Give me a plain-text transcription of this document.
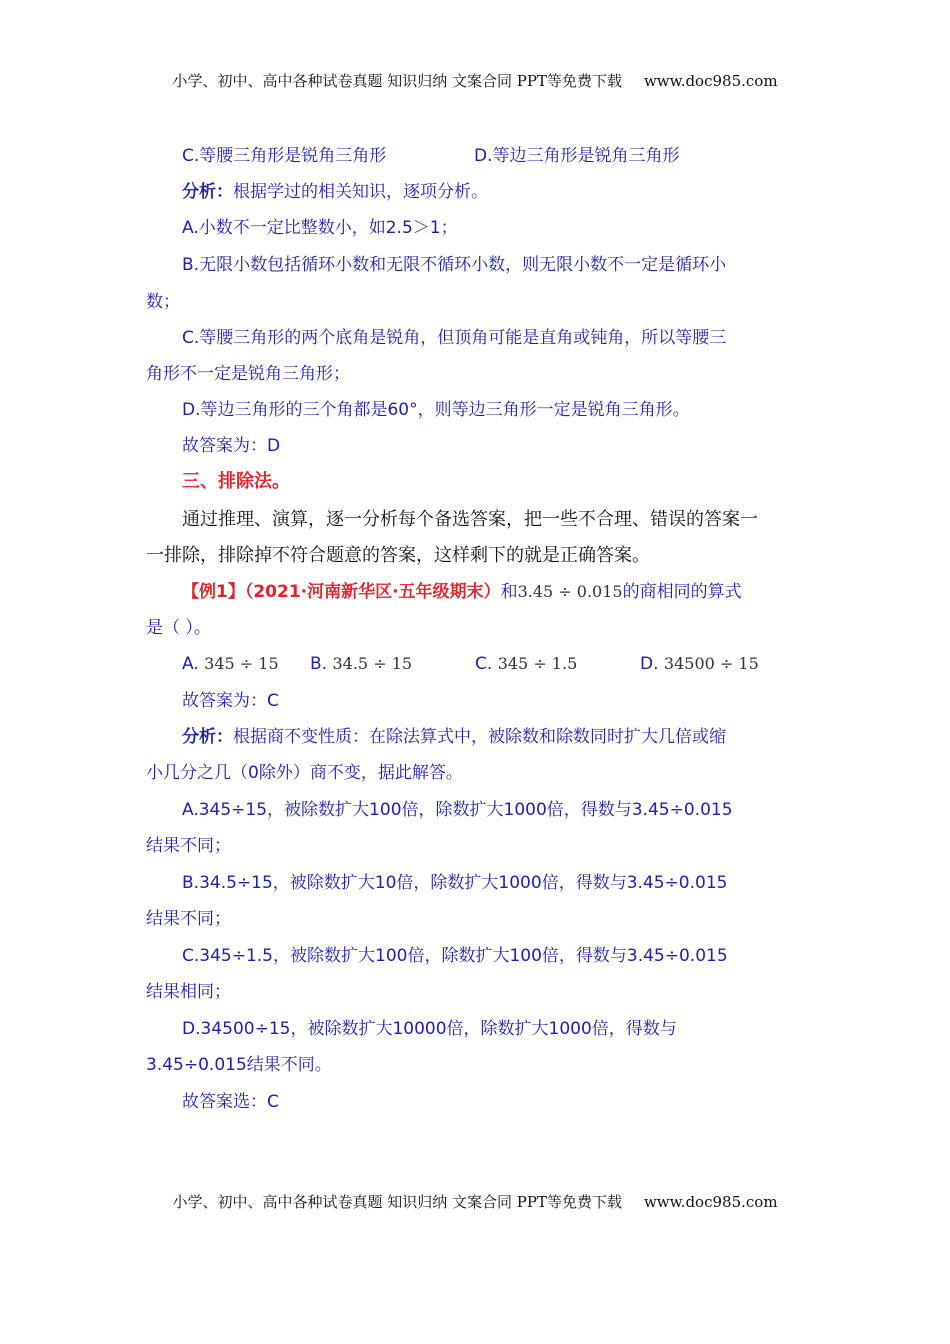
小学、初中、高中各种试卷真题 知识归纳 文案合同 PPT等免费下载 www.doc985.com
C.等腰三角形是锐角三角形	D.等边三角形是锐角三角形
分析：根据学过的相关知识，逐项分析。
A.小数不一定比整数小，如2.5＞1；
B.无限小数包括循环小数和无限不循环小数，则无限小数不一定是循环小
数；
C.等腰三角形的两个底角是锐角，但顶角可能是直角或钝角，所以等腰三
角形不一定是锐角三角形；
D.等边三角形的三个角都是60°，则等边三角形一定是锐角三角形。
故答案为：D
三、排除法。
通过推理、演算，逐一分析每个备选答案，把一些不合理、错误的答案一
一排除，排除掉不符合题意的答案，这样剩下的就是正确答案。
【例1】（2021·河南新华区·五年级期末）和3.45 ÷ 0.015的商相同的算式
是（ ）。
A. 345 ÷ 15 B. 34.5 ÷ 15	C. 345 ÷ 1.5	D. 34500 ÷ 15
故答案为：C
分析：根据商不变性质：在除法算式中，被除数和除数同时扩大几倍或缩
小几分之几（0除外）商不变，据此解答。
A.345÷15，被除数扩大100倍，除数扩大1000倍，得数与3.45÷0.015
结果不同；
B.34.5÷15，被除数扩大10倍，除数扩大1000倍，得数与3.45÷0.015
结果不同；
C.345÷1.5，被除数扩大100倍，除数扩大100倍，得数与3.45÷0.015
结果相同；
D.34500÷15，被除数扩大10000倍，除数扩大1000倍，得数与
3.45÷0.015结果不同。
故答案选：C
小学、初中、高中各种试卷真题 知识归纳 文案合同 PPT等免费下载 www.doc985.com
